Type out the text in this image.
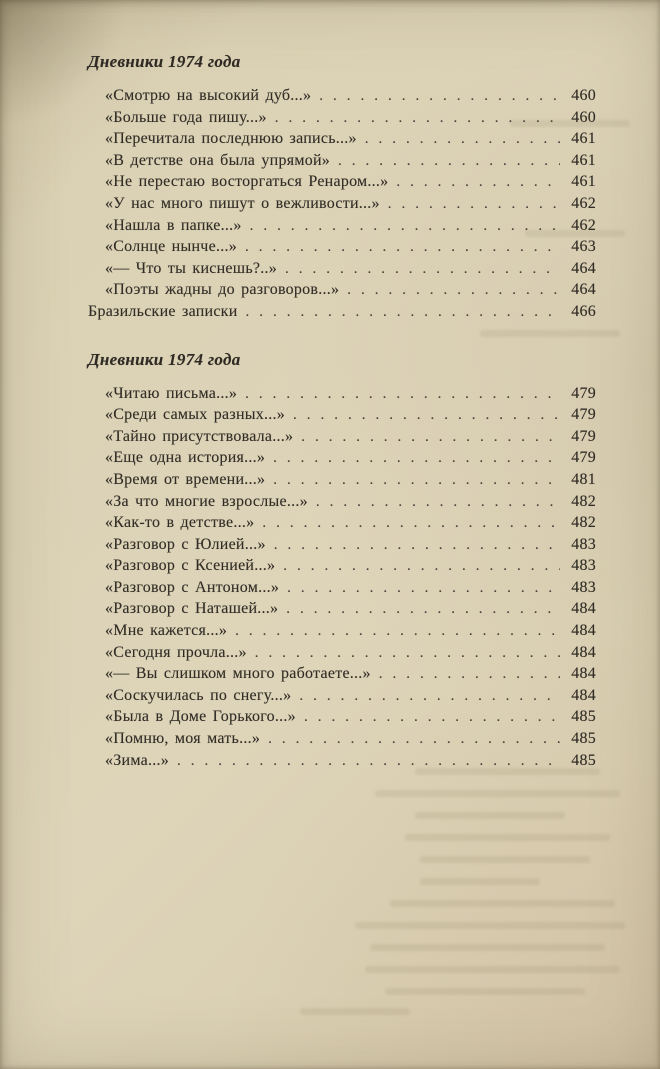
Дневники 1974 года
«Смотрю на высокий дуб...» .....	460
«Больше года пишу...» .....	460
«Перечитала последнюю запись...» .....	461
«В детстве она была упрямой» .....	461
«Не перестаю восторгаться Ренаром...» .....	461
«У нас много пишут о вежливости...» .....	462
«Нашла в папке...» .....	462
«Солнце нынче...» .....	463
«— Что ты киснешь?..» .....	464
«Поэты жадны до разговоров...» .....	464
Бразильские записки .....	466
Дневники 1974 года
«Читаю письма...» .....	479
«Среди самых разных...» .....	479
«Тайно присутствовала...» .....	479
«Еще одна история...» .....	479
«Время от времени...» .....	481
«За что многие взрослые...» .....	482
«Как-то в детстве...» .....	482
«Разговор с Юлией...» .....	483
«Разговор с Ксенией...» .....	483
«Разговор с Антоном...» .....	483
«Разговор с Наташей...» .....	484
«Мне кажется...» .....	484
«Сегодня прочла...» .....	484
«— Вы слишком много работаете...» .....	484
«Соскучилась по снегу...» .....	484
«Была в Доме Горького...» .....	485
«Помню, моя мать...» .....	485
«Зима...» .....	485
